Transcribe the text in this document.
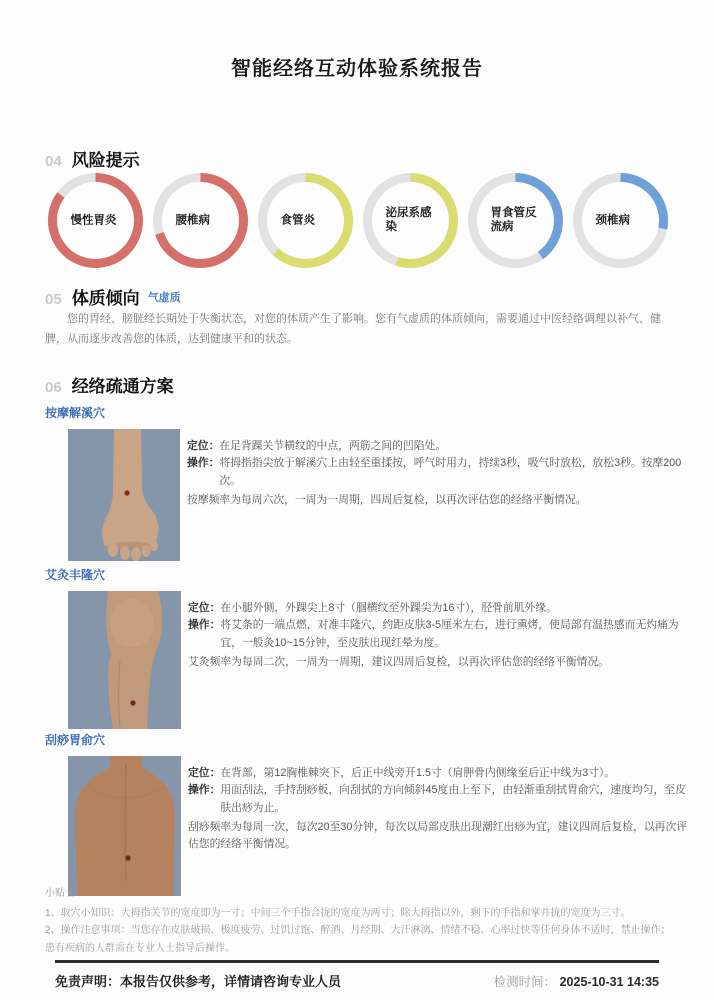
智能经络互动体验系统报告
04 风险提示
慢性胃炎	腰椎病	食管炎
泌尿系感染
胃食管反流病
颈椎病
05 体质倾向 气虚质
您的胃经、膀胱经长期处于失衡状态，对您的体质产生了影响。您有气虚质的体质倾向，需要通过中医经络调理以补气、健脾，从而逐步改善您的体质，达到健康平和的状态。
06 经络疏通方案
按摩解溪穴
定位： 在足背踝关节横纹的中点，两筋之间的凹陷处。
操作： 将拇指指尖放于解溪穴上由轻至重揉按，呼气时用力，持续3秒，吸气时放松，放松3秒。按摩200次。
按摩频率为每周六次，一周为一周期，四周后复检，以再次评估您的经络平衡情况。
艾灸丰隆穴
定位： 在小腿外侧，外踝尖上8寸（腘横纹至外踝尖为16寸），胫骨前肌外缘。
操作： 将艾条的一端点燃，对准丰隆穴，约距皮肤3-5厘米左右，进行熏烤，使局部有温热感而无灼痛为宜，一般灸10~15分钟，至皮肤出现红晕为度。
艾灸频率为每周二次，一周为一周期，建议四周后复检，以再次评估您的经络平衡情况。
刮痧胃俞穴
定位： 在背部，第12胸椎棘突下，后正中线旁开1.5寸（肩胛骨内侧缘至后正中线为3寸）。
操作： 用面刮法，手持刮痧板，向刮拭的方向倾斜45度由上至下，由轻渐重刮拭胃俞穴，速度均匀，至皮肤出痧为止。
刮痧频率为每周一次，每次20至30分钟，每次以局部皮肤出现潮红出痧为宜，建议四周后复检，以再次评估您的经络平衡情况。
小贴士
1、取穴小知识：大拇指关节的宽度即为一寸；中间三个手指合拢的宽度为两寸；除大拇指以外，剩下的手指和掌并拢的宽度为三寸。
2、操作注意事项：当您存在皮肤破损、极度疲劳、过饥过饱、醉酒、月经期、大汗淋漓、情绪不稳、心率过快等任何身体不适时，禁止操作；患有疾病的人群需在专业人士指导后操作。
免责声明：本报告仅供参考，详情请咨询专业人员	检测时间： 2025-10-31 14:35
